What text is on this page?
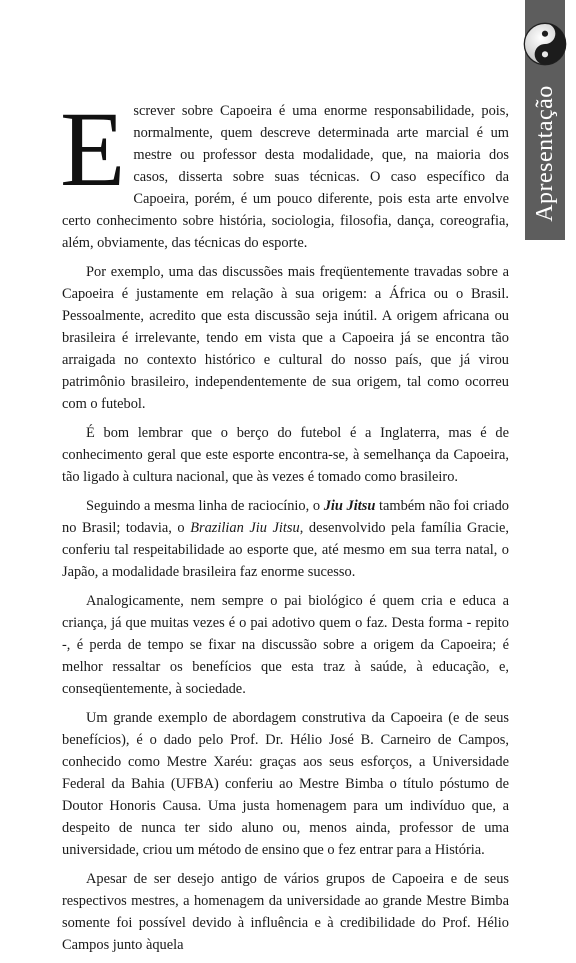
Apresentação

Escrever sobre Capoeira é uma enorme responsabilidade, pois, normalmente, quem descreve determinada arte marcial é um mestre ou professor desta modalidade, que, na maioria dos casos, disserta sobre suas técnicas. O caso específico da Capoeira, porém, é um pouco diferente, pois esta arte envolve certo conhecimento sobre história, sociologia, filosofia, dança, coreografia, além, obviamente, das técnicas do esporte.

Por exemplo, uma das discussões mais freqüentemente travadas sobre a Capoeira é justamente em relação à sua origem: a África ou o Brasil. Pessoalmente, acredito que esta discussão seja inútil. A origem africana ou brasileira é irrelevante, tendo em vista que a Capoeira já se encontra tão arraigada no contexto histórico e cultural do nosso país, que já virou patrimônio brasileiro, independentemente de sua origem, tal como ocorreu com o futebol.

É bom lembrar que o berço do futebol é a Inglaterra, mas é de conhecimento geral que este esporte encontra-se, à semelhança da Capoeira, tão ligado à cultura nacional, que às vezes é tomado como brasileiro.

Seguindo a mesma linha de raciocínio, o Jiu Jitsu também não foi criado no Brasil; todavia, o Brazilian Jiu Jitsu, desenvolvido pela família Gracie, conferiu tal respeitabilidade ao esporte que, até mesmo em sua terra natal, o Japão, a modalidade brasileira faz enorme sucesso.

Analogicamente, nem sempre o pai biológico é quem cria e educa a criança, já que muitas vezes é o pai adotivo quem o faz. Desta forma - repito -, é perda de tempo se fixar na discussão sobre a origem da Capoeira; é melhor ressaltar os benefícios que esta traz à saúde, à educação, e, conseqüentemente, à sociedade.

Um grande exemplo de abordagem construtiva da Capoeira (e de seus benefícios), é o dado pelo Prof. Dr. Hélio José B. Carneiro de Campos, conhecido como Mestre Xaréu: graças aos seus esforços, a Universidade Federal da Bahia (UFBA) conferiu ao Mestre Bimba o título póstumo de Doutor Honoris Causa. Uma justa homenagem para um indivíduo que, a despeito de nunca ter sido aluno ou, menos ainda, professor de uma universidade, criou um método de ensino que o fez entrar para a História.

Apesar de ser desejo antigo de vários grupos de Capoeira e de seus respectivos mestres, a homenagem da universidade ao grande Mestre Bimba somente foi possível devido à influência e à credibilidade do Prof. Hélio Campos junto àquela
